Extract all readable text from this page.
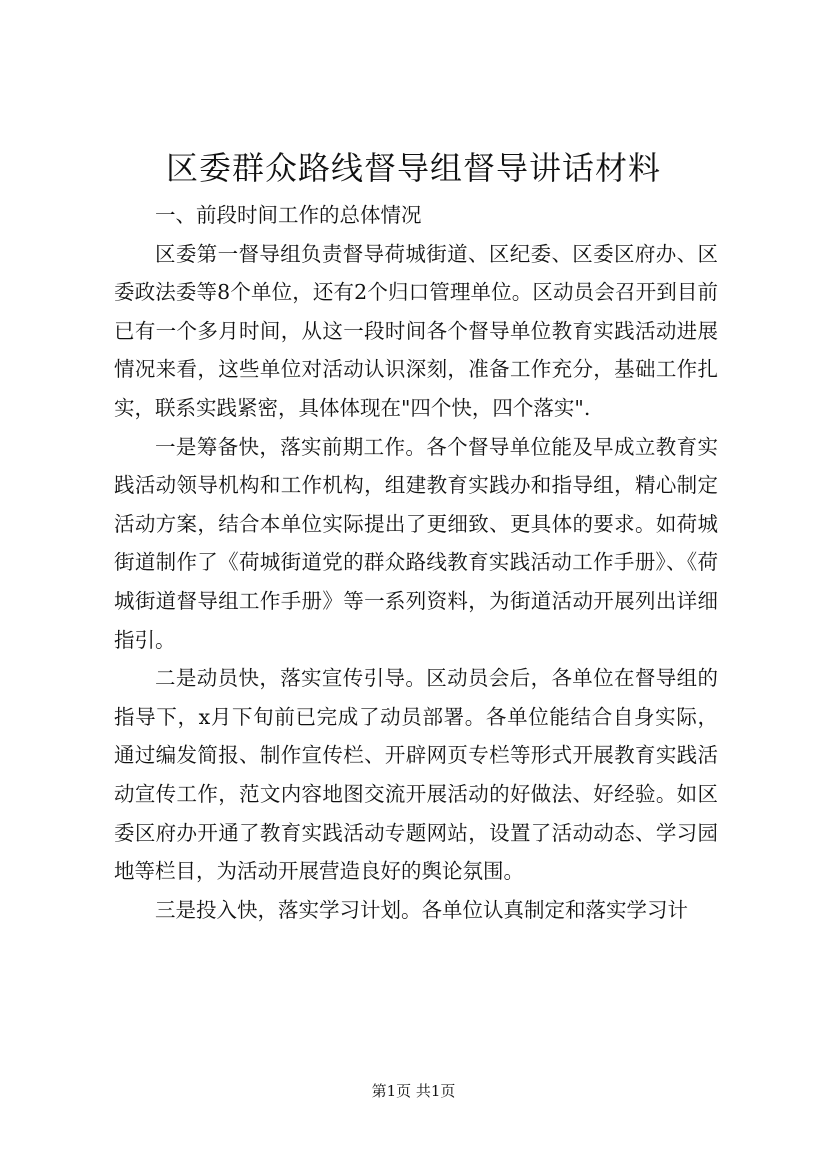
区委群众路线督导组督导讲话材料

一、前段时间工作的总体情况

区委第一督导组负责督导荷城街道、区纪委、区委区府办、区委政法委等8个单位，还有2个归口管理单位。区动员会召开到目前已有一个多月时间，从这一段时间各个督导单位教育实践活动进展情况来看，这些单位对活动认识深刻，准备工作充分，基础工作扎实，联系实践紧密，具体体现在"四个快，四个落实".

一是筹备快，落实前期工作。各个督导单位能及早成立教育实践活动领导机构和工作机构，组建教育实践办和指导组，精心制定活动方案，结合本单位实际提出了更细致、更具体的要求。如荷城街道制作了《荷城街道党的群众路线教育实践活动工作手册》、《荷城街道督导组工作手册》等一系列资料，为街道活动开展列出详细指引。

二是动员快，落实宣传引导。区动员会后，各单位在督导组的指导下，x月下旬前已完成了动员部署。各单位能结合自身实际，通过编发简报、制作宣传栏、开辟网页专栏等形式开展教育实践活动宣传工作，范文内容地图交流开展活动的好做法、好经验。如区委区府办开通了教育实践活动专题网站，设置了活动动态、学习园地等栏目，为活动开展营造良好的舆论氛围。

三是投入快，落实学习计划。各单位认真制定和落实学习计

第1页 共1页
